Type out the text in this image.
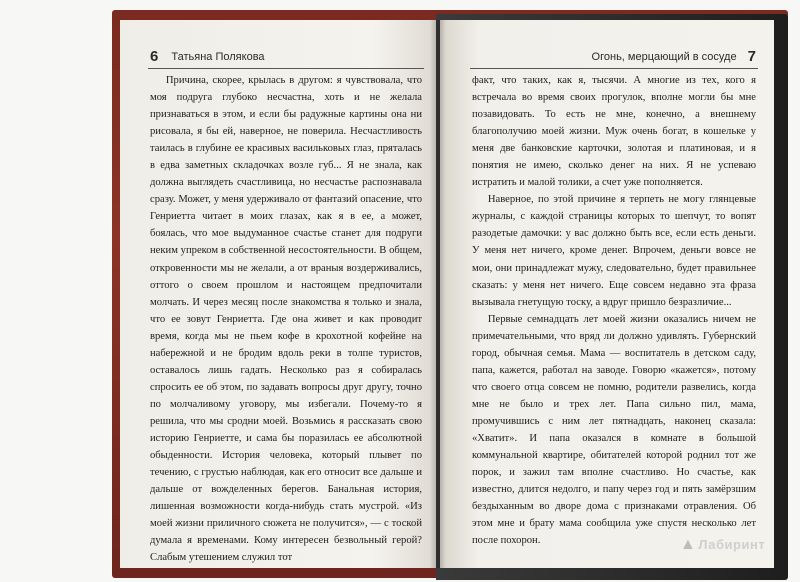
6 Татьяна Полякова

Причина, скорее, крылась в другом: я чувствовала, что моя подруга глубоко несчастна, хоть и не желала признаваться в этом, и если бы радужные картины она ни рисовала, я бы ей, наверное, не поверила. Несчастливость таилась в глубине ее красивых васильковых глаз, пряталась в едва заметных складочках возле губ... Я не знала, как должна выглядеть счастливица, но несчастье распознавала сразу. Может, у меня удерживало от фантазий опасение, что Генриетта читает в моих глазах, как я в ее, а может, боялась, что мое выдуманное счастье станет для подруги неким упреком в собственной несостоятельности. В общем, откровенности мы не желали, а от враныя воздерживались, оттого о своем прошлом и настоящем предпочитали молчать. И через месяц после знакомства я только и знала, что ее зовут Генриетта. Где она живет и как проводит время, когда мы не пьем кофе в крохотной кофейне на набережной и не бродим вдоль реки в толпе туристов, оставалось лишь гадать. Несколько раз я собиралась спросить ее об этом, по задавать вопросы друг другу, точно по молчаливому уговору, мы избегали. Почему-то я решила, что мы сродни моей. Возьмись я рассказать свою историю Генриетте, и сама бы поразилась ее абсолютной обыденности. История человека, который плывет по течению, с грустью наблюдая, как его относит все дальше и дальше от вожделенных берегов. Банальная история, лишенная возможности когда-нибудь стать мустрой. «Из моей жизни приличного сюжета не получится», — с тоской думала я временами. Кому интересен безвольный герой? Слабым утешением служил тот

Огонь, мерцающий в сосуде 7

факт, что таких, как я, тысячи. А многие из тех, кого я встречала во время своих прогулок, вполне могли бы мне позавидовать. То есть не мне, конечно, а внешнему благополучию моей жизни. Муж очень богат, в кошельке у меня две банковские карточки, золотая и платиновая, и я понятия не имею, сколько денег на них. Я не успеваю истратить и малой толики, а счет уже пополняется.

Наверное, по этой причине я терпеть не могу глянцевые журналы, с каждой страницы которых то шепчут, то вопят разодетые дамочки: у вас должно быть все, если есть деньги. У меня нет ничего, кроме денег. Впрочем, деньги вовсе не мои, они принадлежат мужу, следовательно, будет правильнее сказать: у меня нет ничего. Еще совсем недавно эта фраза вызывала гнетущую тоску, а вдруг пришло безразличие...

Первые семнадцать лет моей жизни оказались ничем не примечательными, что вряд ли должно удивлять. Губернский город, обычная семья. Мама — воспитатель в детском саду, папа, кажется, работал на заводе. Говорю «кажется», потому что своего отца совсем не помню, родители развелись, когда мне не было и трех лет. Папа сильно пил, мама, промучившись с ним лет пятнадцать, наконец сказала: «Хватит». И папа оказался в комнате в большой коммунальной квартире, обитателей которой роднил тот же порок, и зажил там вполне счастливо. Но счастье, как известно, длится недолго, и папу через год и пять замёрзшим бездыханным во дворе дома с признаками отравления. Об этом мне и брату мама сообщила уже спустя несколько лет после похорон.	▲ Лабиринт
